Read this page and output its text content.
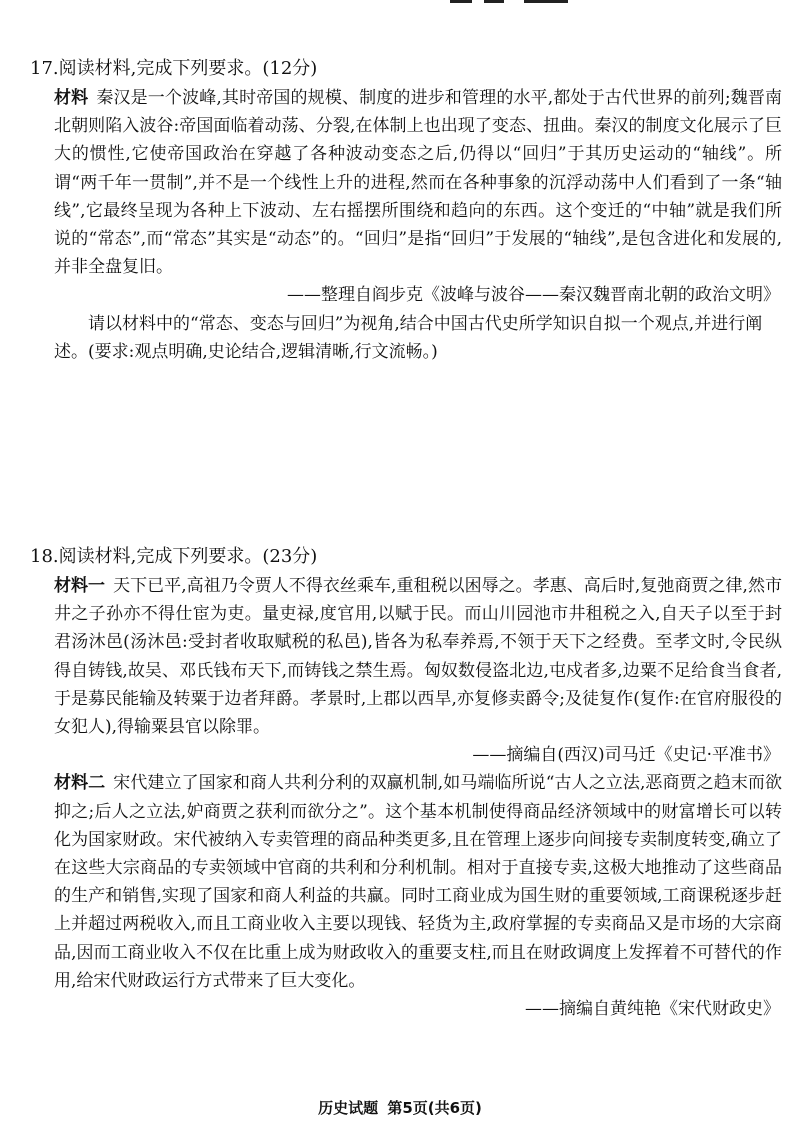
17.阅读材料,完成下列要求。(12分)
材料 秦汉是一个波峰,其时帝国的规模、制度的进步和管理的水平,都处于古代世界的前列;魏晋南北朝则陷入波谷:帝国面临着动荡、分裂,在体制上也出现了变态、扭曲。秦汉的制度文化展示了巨大的惯性,它使帝国政治在穿越了各种波动变态之后,仍得以“回归”于其历史运动的“轴线”。所谓“两千年一贯制”,并不是一个线性上升的进程,然而在各种事象的沉浮动荡中人们看到了一条“轴线”,它最终呈现为各种上下波动、左右摇摆所围绕和趋向的东西。这个变迁的“中轴”就是我们所说的“常态”,而“常态”其实是“动态”的。“回归”是指“回归”于发展的“轴线”,是包含进化和发展的,并非全盘复旧。
——整理自阎步克《波峰与波谷——秦汉魏晋南北朝的政治文明》
请以材料中的“常态、变态与回归”为视角,结合中国古代史所学知识自拟一个观点,并进行阐述。(要求:观点明确,史论结合,逻辑清晰,行文流畅。)
18.阅读材料,完成下列要求。(23分)
材料一 天下已平,高祖乃令贾人不得衣丝乘车,重租税以困辱之。孝惠、高后时,复弛商贾之律,然市井之子孙亦不得仕宦为吏。量吏禄,度官用,以赋于民。而山川园池市井租税之入,自天子以至于封君汤沐邑(汤沐邑:受封者收取赋税的私邑),皆各为私奉养焉,不领于天下之经费。至孝文时,令民纵得自铸钱,故吴、邓氏钱布天下,而铸钱之禁生焉。匈奴数侵盗北边,屯戍者多,边粟不足给食当食者,于是募民能输及转粟于边者拜爵。孝景时,上郡以西旱,亦复修卖爵令;及徒复作(复作:在官府服役的女犯人),得输粟县官以除罪。
——摘编自(西汉)司马迁《史记·平准书》
材料二 宋代建立了国家和商人共利分利的双赢机制,如马端临所说“古人之立法,恶商贾之趋末而欲抑之;后人之立法,妒商贾之获利而欲分之”。这个基本机制使得商品经济领域中的财富增长可以转化为国家财政。宋代被纳入专卖管理的商品种类更多,且在管理上逐步向间接专卖制度转变,确立了在这些大宗商品的专卖领域中官商的共利和分利机制。相对于直接专卖,这极大地推动了这些商品的生产和销售,实现了国家和商人利益的共赢。同时工商业成为国生财的重要领域,工商课税逐步赶上并超过两税收入,而且工商业收入主要以现钱、轻货为主,政府掌握的专卖商品又是市场的大宗商品,因而工商业收入不仅在比重上成为财政收入的重要支柱,而且在财政调度上发挥着不可替代的作用,给宋代财政运行方式带来了巨大变化。
——摘编自黄纯艳《宋代财政史》
历史试题 第5页(共6页)
